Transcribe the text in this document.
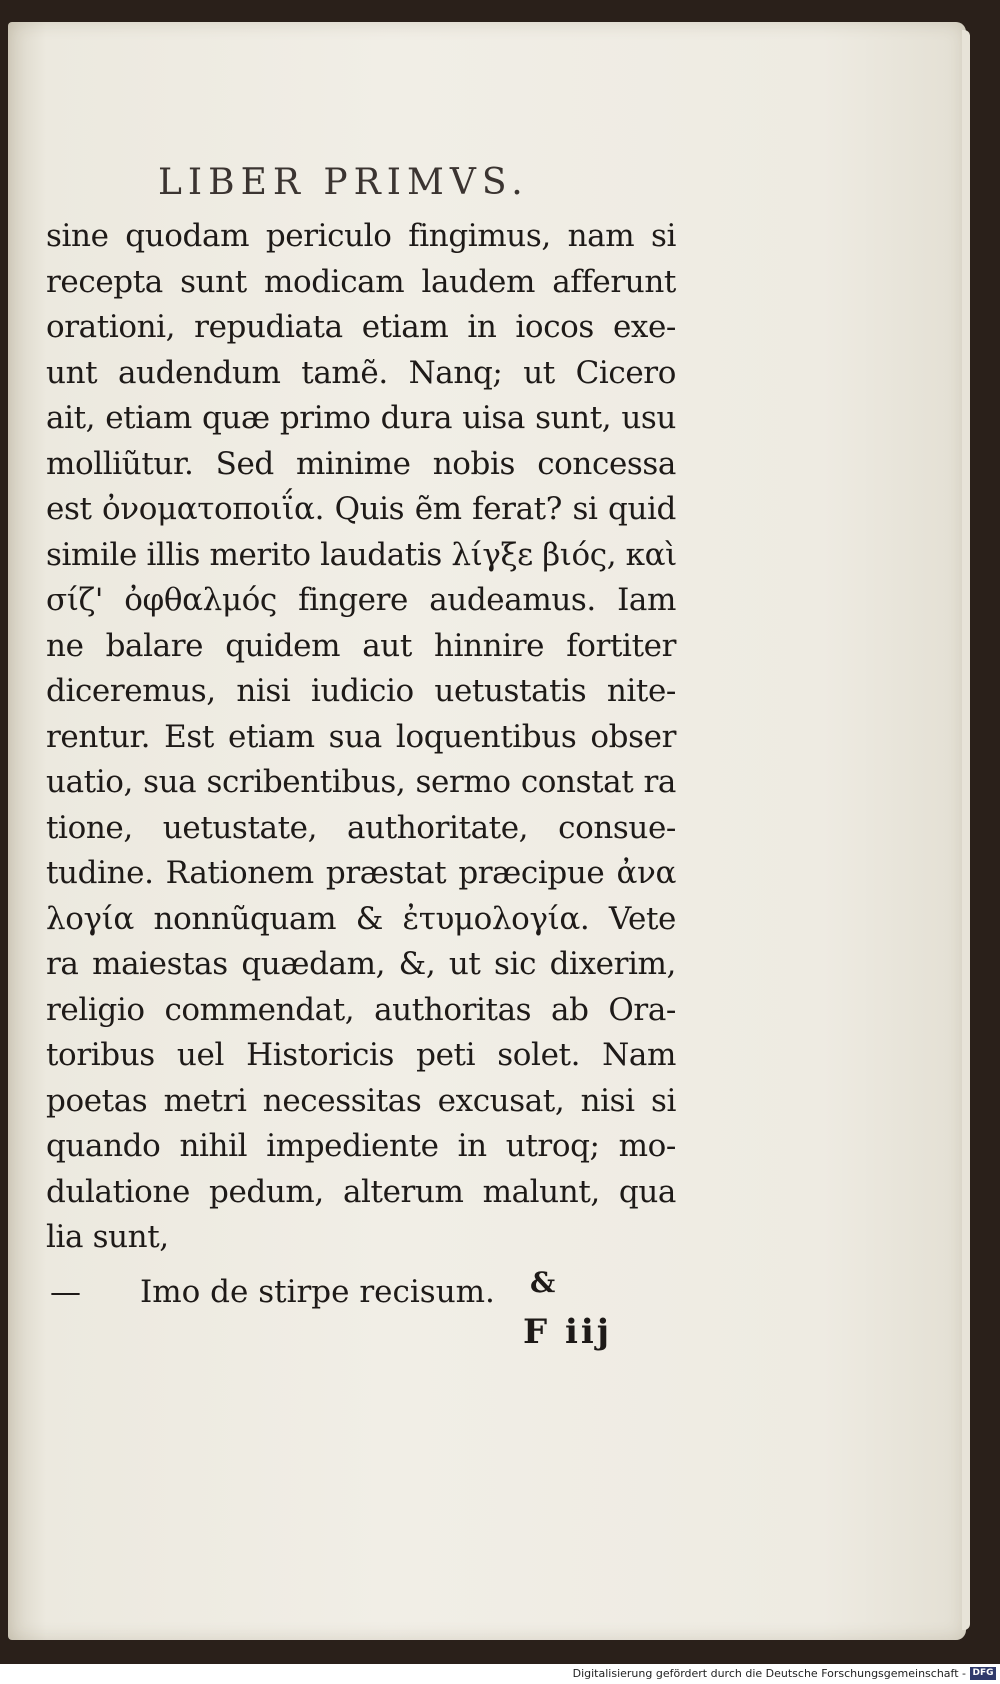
LIBER PRIMVS.
sine quodam periculo fingimus, nam si
recepta sunt modicam laudem afferunt
orationi, repudiata etiam in iocos exe-
unt audendum tamẽ. Nanq; ut Cicero
ait, etiam quæ primo dura uisa sunt, usu
molliũtur. Sed minime nobis concessa
est ὀνοματοποιΐα. Quis ẽm ferat? si quid
simile illis merito laudatis λίγξε βιός, καὶ
σίζ' ὀφθαλμός fingere audeamus. Iam
ne balare quidem aut hinnire fortiter
diceremus, nisi iudicio uetustatis nite-
rentur. Est etiam sua loquentibus obser
uatio, sua scribentibus, sermo constat ra
tione, uetustate, authoritate, consue-
tudine. Rationem præstat præcipue ἀνα
λογία nonnũquam & ἐτυμολογία. Vete
ra maiestas quædam, &, ut sic dixerim,
religio commendat, authoritas ab Ora-
toribus uel Historicis peti solet. Nam
poetas metri necessitas excusat, nisi si
quando nihil impediente in utroq; mo-
dulatione pedum, alterum malunt, qua
lia sunt,
— Imo de stirpe recisum. &
F iij
Digitalisierung gefördert durch die Deutsche Forschungsgemeinschaft - DFG
